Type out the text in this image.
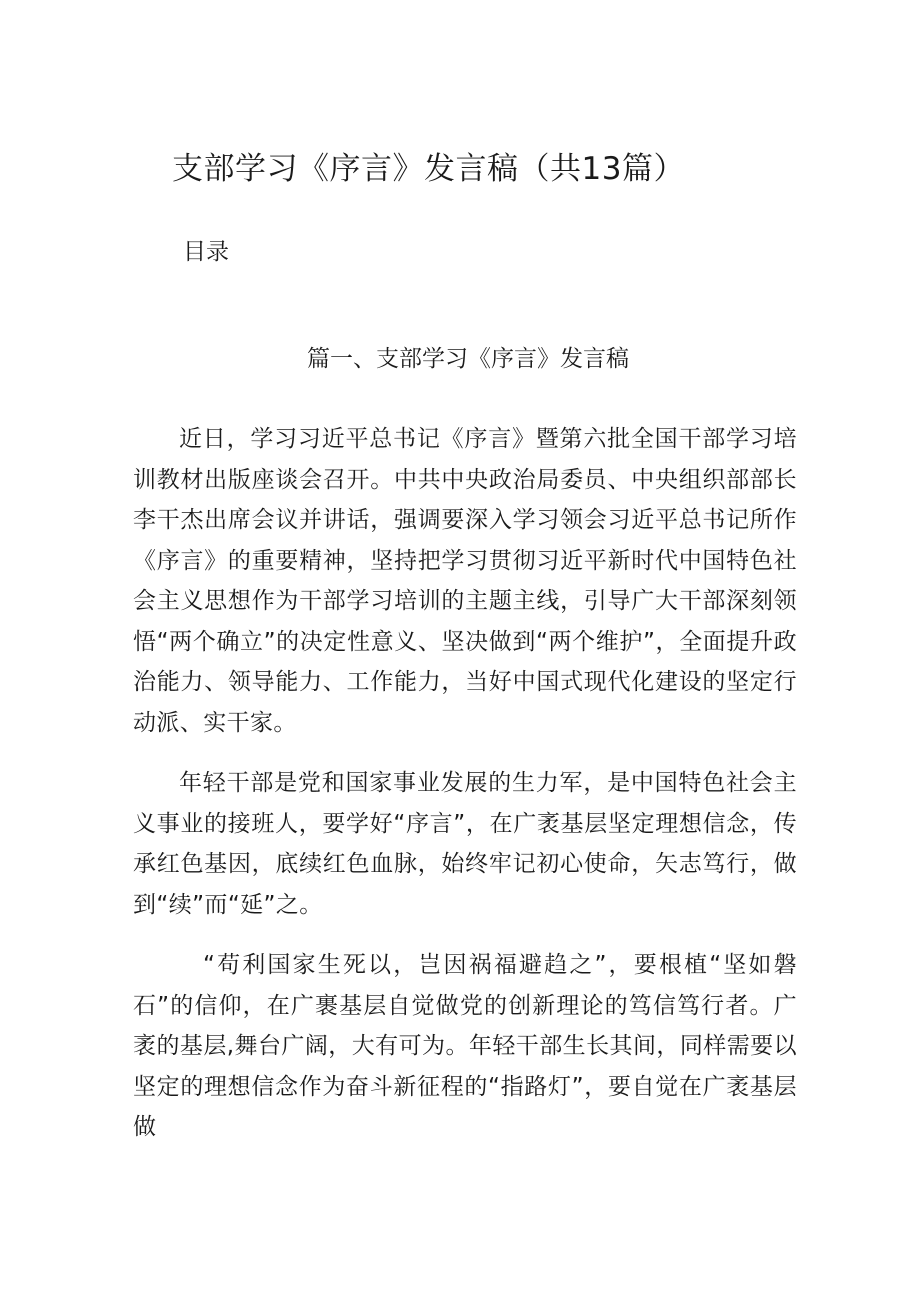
支部学习《序言》发言稿（共13篇）
目录
篇一、支部学习《序言》发言稿

近日，学习习近平总书记《序言》暨第六批全国干部学习培训教材出版座谈会召开。中共中央政治局委员、中央组织部部长李干杰出席会议并讲话，强调要深入学习领会习近平总书记所作《序言》的重要精神，坚持把学习贯彻习近平新时代中国特色社会主义思想作为干部学习培训的主题主线，引导广大干部深刻领悟“两个确立”的决定性意义、坚决做到“两个维护”，全面提升政治能力、领导能力、工作能力，当好中国式现代化建设的坚定行动派、实干家。

年轻干部是党和国家事业发展的生力军，是中国特色社会主义事业的接班人，要学好“序言”，在广袤基层坚定理想信念，传承红色基因，底续红色血脉，始终牢记初心使命，矢志笃行，做到“续”而“延”之。

“苟利国家生死以，岂因祸福避趋之”，要根植“坚如磐石”的信仰，在广裹基层自觉做党的创新理论的笃信笃行者。广袤的基层,舞台广阔，大有可为。年轻干部生长其间，同样需要以坚定的理想信念作为奋斗新征程的“指路灯”，要自觉在广袤基层做
